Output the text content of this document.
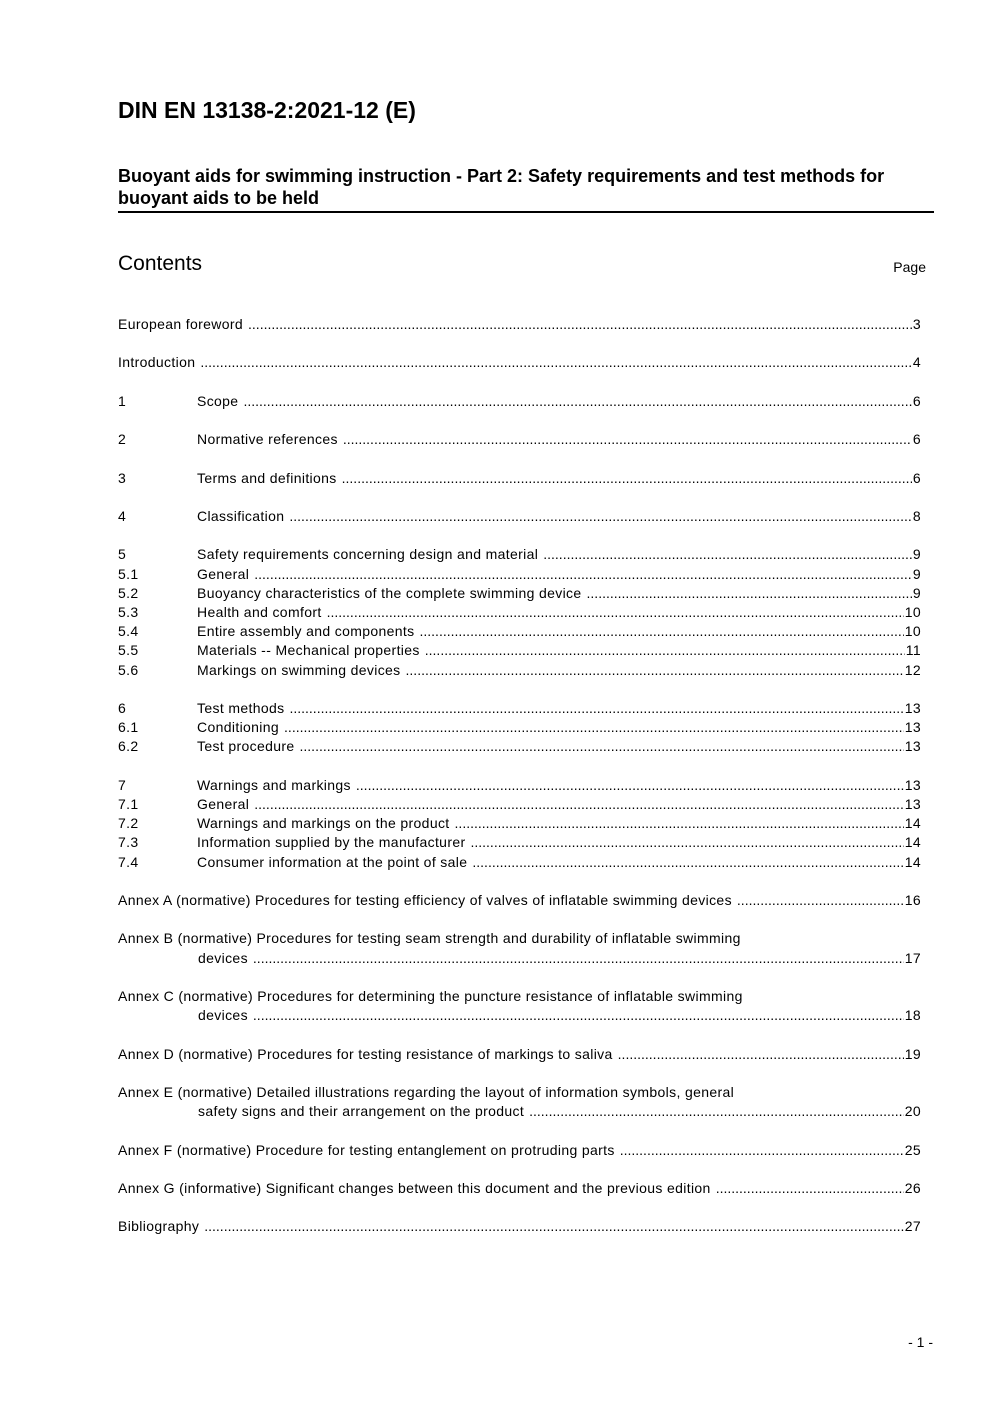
DIN EN 13138-2:2021-12 (E)
Buoyant aids for swimming instruction - Part 2: Safety requirements and test methods for buoyant aids to be held
Contents	Page
European foreword .....	3
Introduction .....	4
1	Scope .....	6
2	Normative references .....	6
3	Terms and definitions .....	6
4	Classification .....	8
5	Safety requirements concerning design and material .....	9
5.1	General .....	9
5.2	Buoyancy characteristics of the complete swimming device .....	9
5.3	Health and comfort .....	10
5.4	Entire assembly and components .....	10
5.5	Materials -- Mechanical properties .....	11
5.6	Markings on swimming devices .....	12
6	Test methods .....	13
6.1	Conditioning .....	13
6.2	Test procedure .....	13
7	Warnings and markings .....	13
7.1	General .....	13
7.2	Warnings and markings on the product .....	14
7.3	Information supplied by the manufacturer .....	14
7.4	Consumer information at the point of sale .....	14
Annex A (normative) Procedures for testing efficiency of valves of inflatable swimming devices .....	16
Annex B (normative) Procedures for testing seam strength and durability of inflatable swimming
devices .....	17
Annex C (normative) Procedures for determining the puncture resistance of inflatable swimming
devices .....	18
Annex D (normative) Procedures for testing resistance of markings to saliva .....	19
Annex E (normative) Detailed illustrations regarding the layout of information symbols, general
safety signs and their arrangement on the product .....	20
Annex F (normative) Procedure for testing entanglement on protruding parts .....	25
Annex G (informative) Significant changes between this document and the previous edition .....	26
Bibliography .....	27
- 1 -
